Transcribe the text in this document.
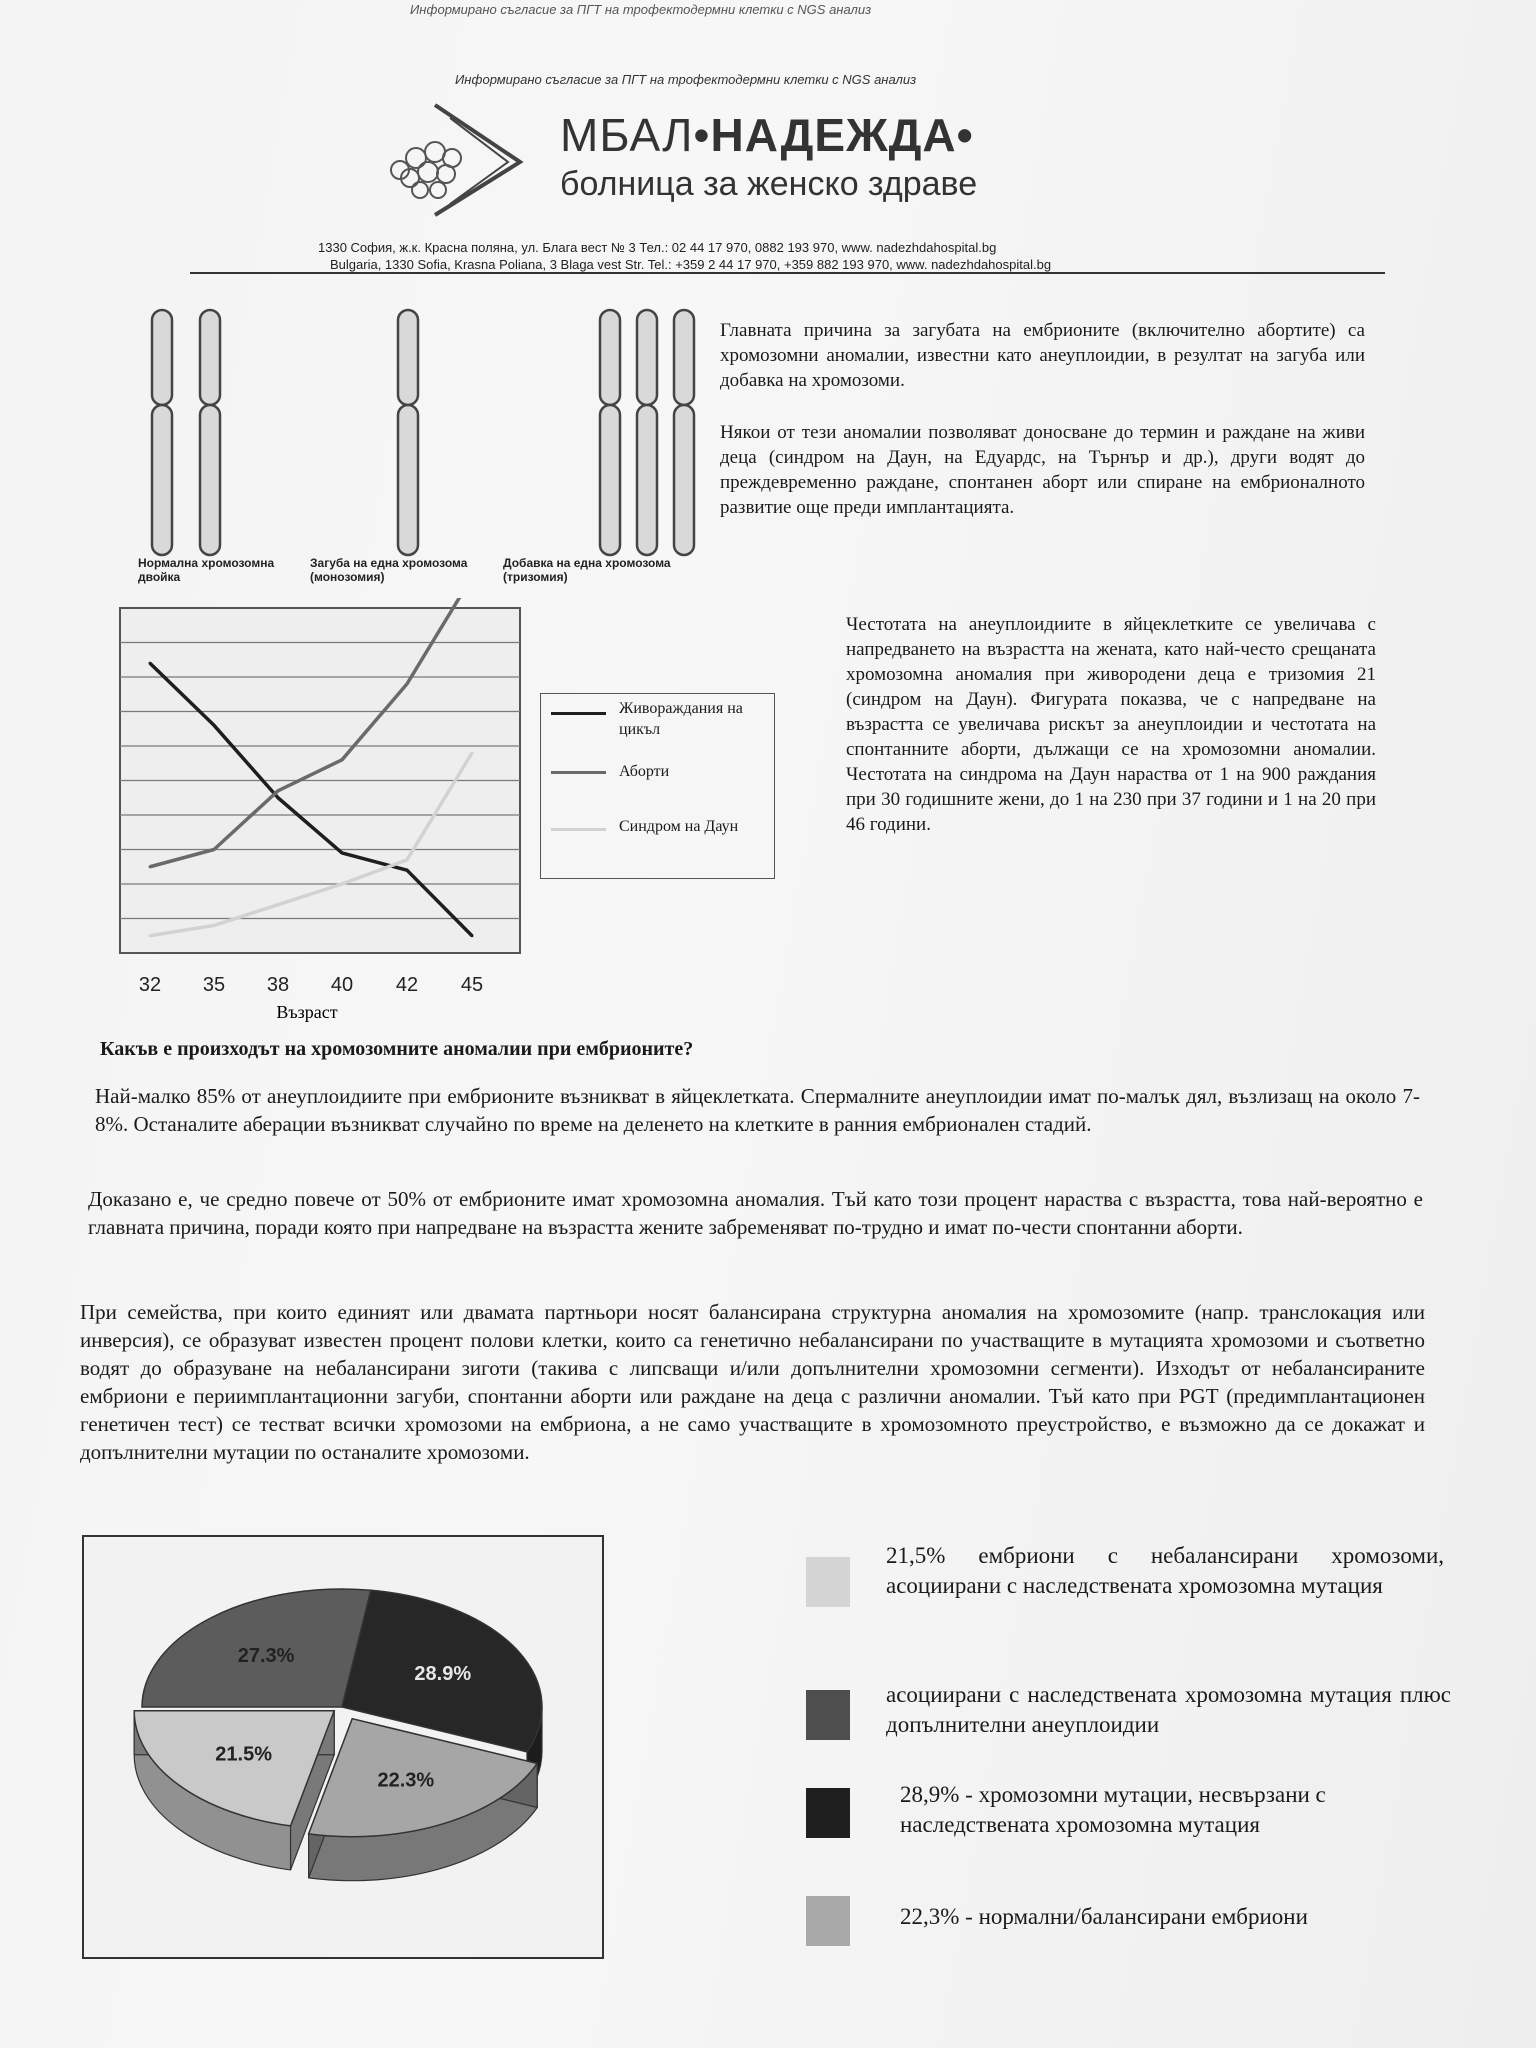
Информирано съгласие за ПГТ на трофектодермни клетки с NGS анализ
Информирано съгласие за ПГТ на трофектодермни клетки с NGS анализ
МБАЛ•НАДЕЖДА•
болница за женско здраве
1330 София, ж.к. Красна поляна, ул. Блага вест № 3 Тел.: 02 44 17 970, 0882 193 970, www. nadezhdahospital.bg
Bulgaria, 1330 Sofia, Krasna Poliana, 3 Blaga vest Str. Tel.: +359 2 44 17 970, +359 882 193 970, www. nadezhdahospital.bg
Нормална хромозомна двойка
Загуба на една хромозома (монозомия)
Добавка на една хромозома (тризомия)
Главната причина за загубата на ембрионите (включително абортите) са хромозомни аномалии, известни като анеуплоидии, в резултат на загуба или добавка на хромозоми.
Някои от тези аномалии позволяват доносване до термин и раждане на живи деца (синдром на Даун, на Едуардс, на Търнър и др.), други водят до преждевременно раждане, спонтанен аборт или спиране на ембрионалното развитие още преди имплантацията.
32 35 38 40 42 45
Възраст
Живораждания на цикъл
Аборти
Синдром на Даун
Честотата на анеуплоидиите в яйцеклетките се увеличава с напредването на възрастта на жената, като най-често срещаната хромозомна аномалия при живородени деца е тризомия 21 (синдром на Даун). Фигурата показва, че с напредване на възрастта се увеличава рискът за анеуплоидии и честотата на спонтанните аборти, дължащи се на хромозомни аномалии. Честотата на синдрома на Даун нараства от 1 на 900 раждания при 30 годишните жени, до 1 на 230 при 37 години и 1 на 20 при 46 години.
Какъв е произходът на хромозомните аномалии при ембрионите?
Най-малко 85% от анеуплоидиите при ембрионите възникват в яйцеклетката. Спермалните анеуплоидии имат по-малък дял, възлизащ на около 7-8%. Останалите аберации възникват случайно по време на деленето на клетките в ранния ембрионален стадий.
Доказано е, че средно повече от 50% от ембрионите имат хромозомна аномалия. Тъй като този процент нараства с възрастта, това най-вероятно е главната причина, поради която при напредване на възрастта жените забременяват по-трудно и имат по-чести спонтанни аборти.
При семейства, при които единият или двамата партньори носят балансирана структурна аномалия на хромозомите (напр. транслокация или инверсия), се образуват известен процент полови клетки, които са генетично небалансирани по участващите в мутацията хромозоми и съответно водят до образуване на небалансирани зиготи (такива с липсващи и/или допълнителни хромозомни сегменти). Изходът от небалансираните ембриони е периимплантационни загуби, спонтанни аборти или раждане на деца с различни аномалии. Тъй като при PGT (предимплантационен генетичен тест) се тестват всички хромозоми на ембриона, а не само участващите в хромозомното преустройство, е възможно да се докажат и допълнителни мутации по останалите хромозоми.
27.3%
28.9%
22.3%
21.5%
21,5% ембриони с небалансирани хромозоми, асоциирани с наследствената хромозомна мутация
асоциирани с наследствената хромозомна мутация плюс допълнителни анеуплоидии
28,9% - хромозомни мутации, несвързани с наследствената хромозомна мутация
22,3% - нормални/балансирани ембриони
